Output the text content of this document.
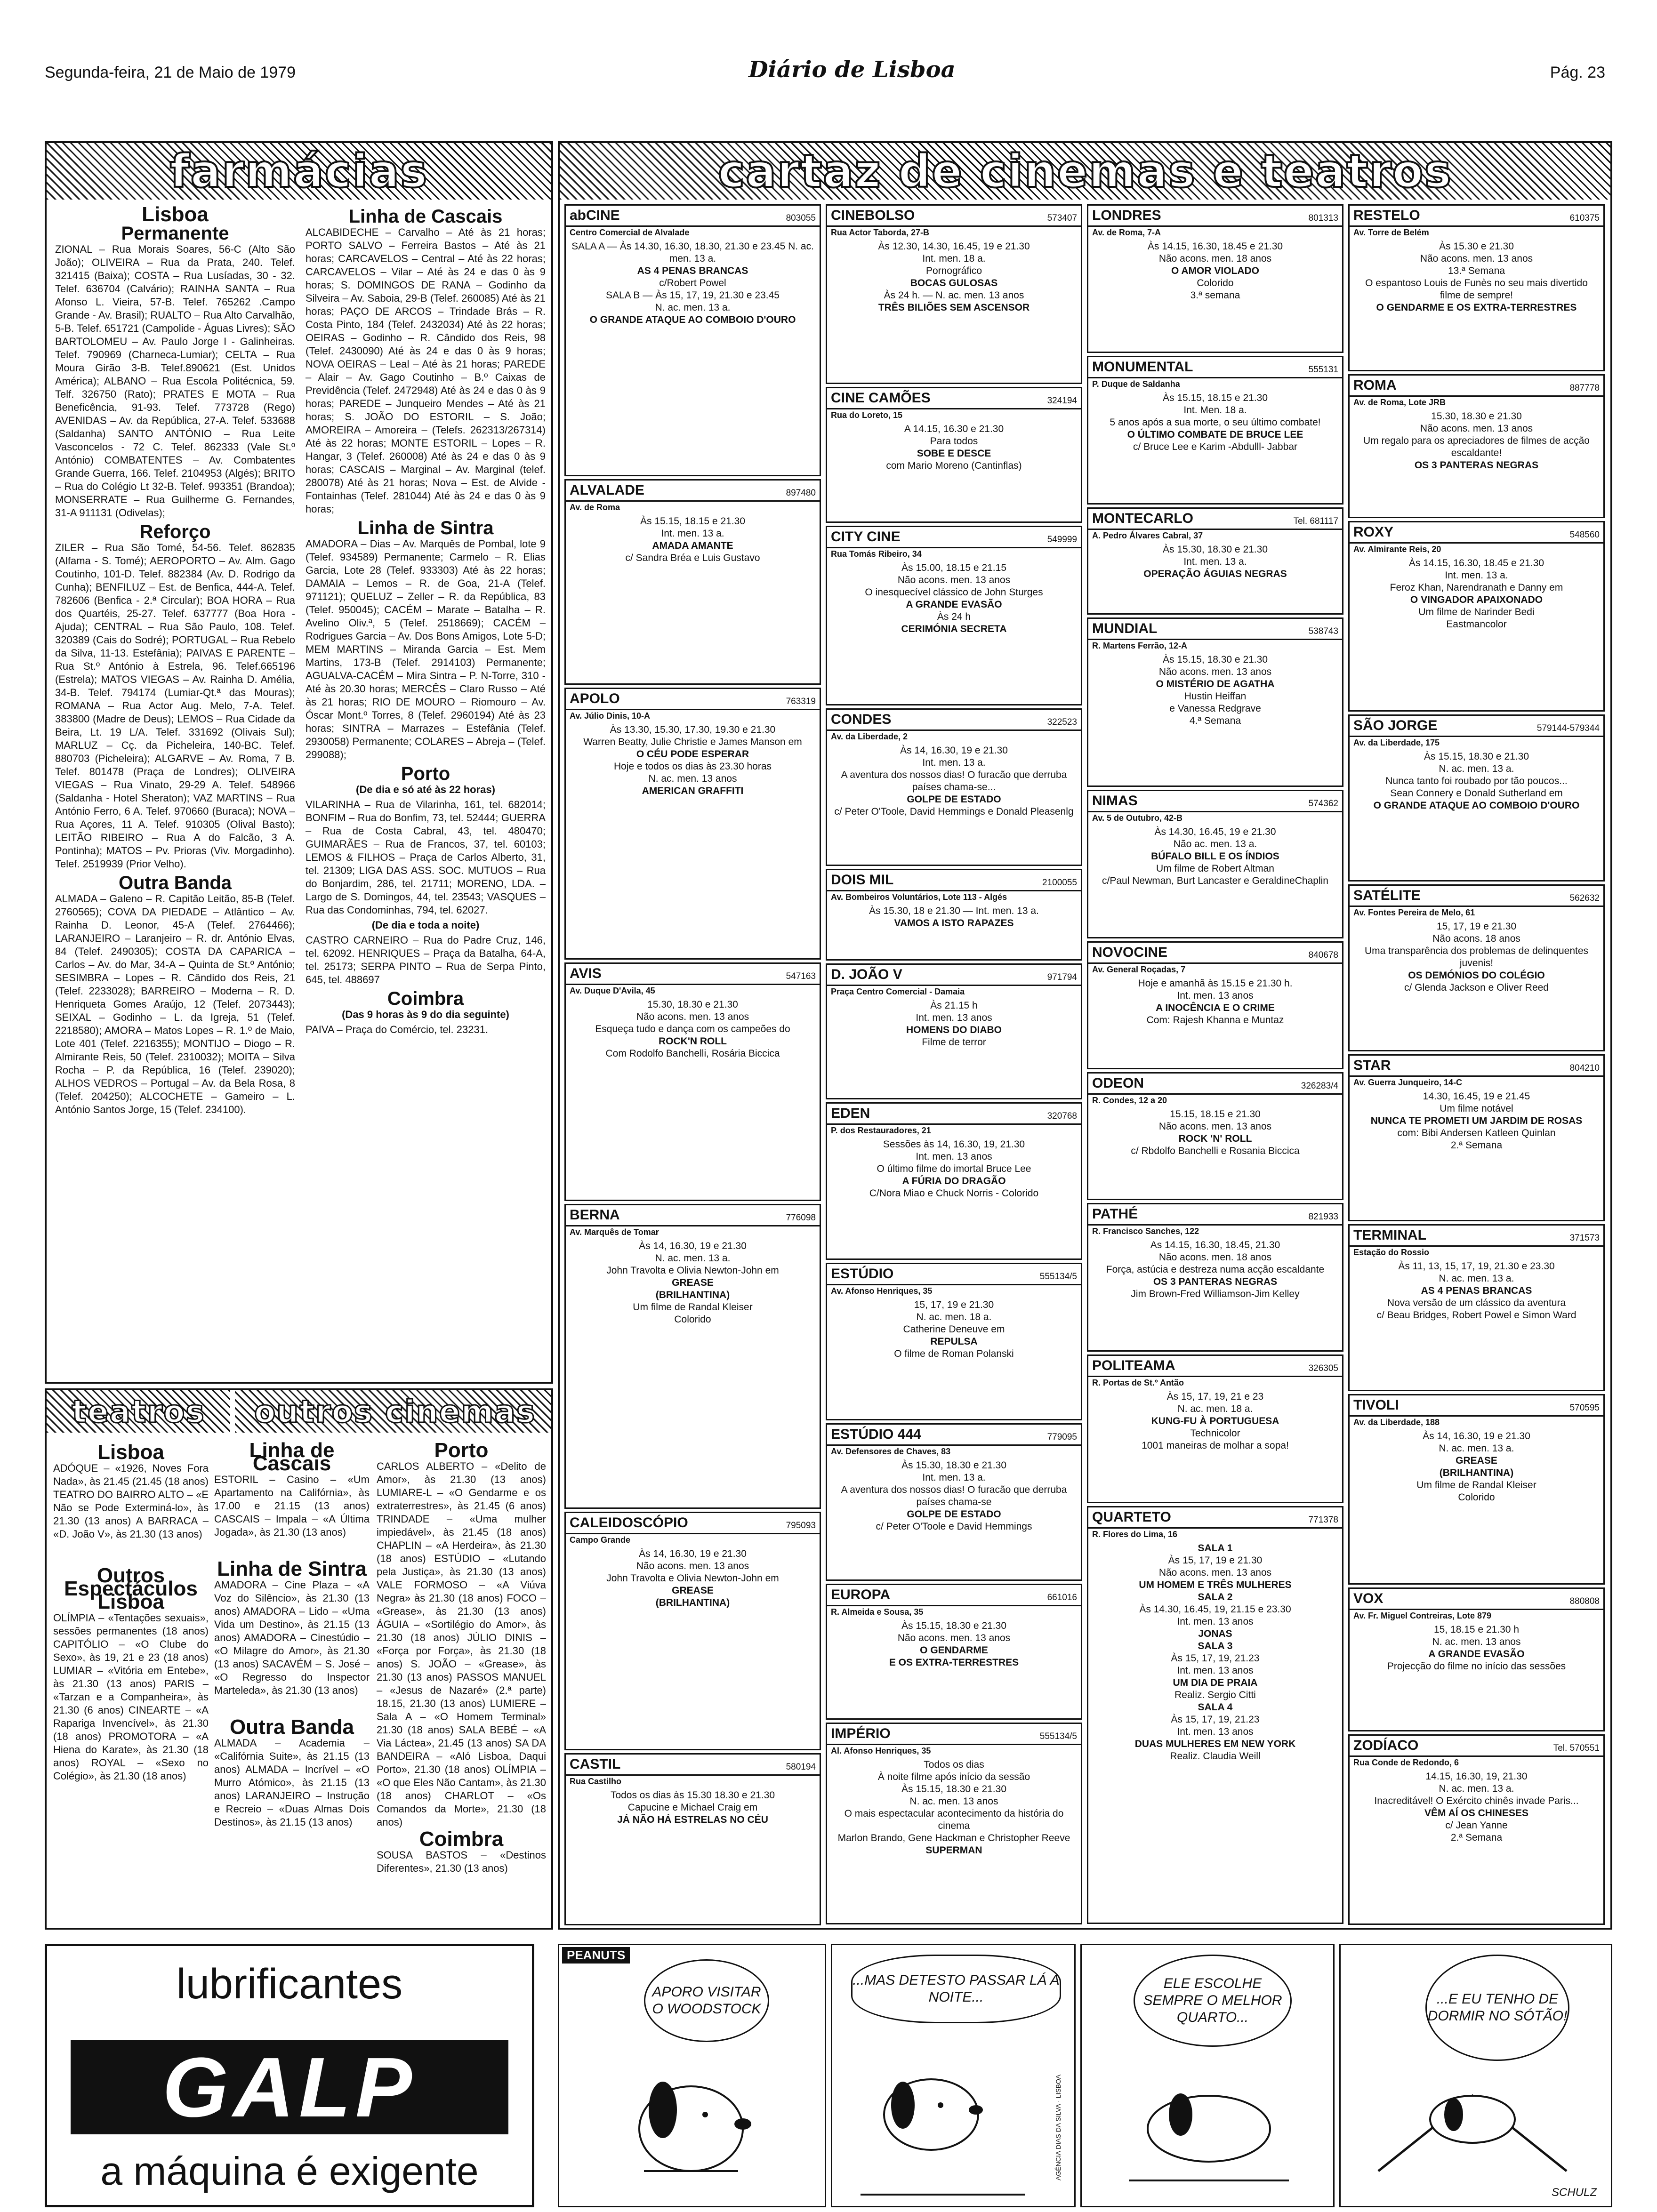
Segunda-feira, 21 de Maio de 1979	Diário de Lisboa	Pág. 23
farmácias
Lisboa
Permanente

ZIONAL – Rua Morais Soares, 56-C (Alto São João); OLIVEIRA – Rua da Prata, 240. Telef. 321415 (Baixa); COSTA – Rua Lusíadas, 30 - 32. Telef. 636704 (Calvário); RAINHA SANTA – Rua Afonso L. Vieira, 57-B. Telef. 765262 .Campo Grande - Av. Brasil); RUALTO – Rua Alto Carvalhão, 5-B. Telef. 651721 (Campolide - Águas Livres); SÃO BARTOLOMEU – Av. Paulo Jorge I - Galinheiras. Telef. 790969 (Charneca-Lumiar); CELTA – Rua Moura Girão 3-B. Telef.890621 (Est. Unidos América); ALBANO – Rua Escola Politécnica, 59. Telf. 326750 (Rato); PRATES E MOTA – Rua Beneficência, 91-93. Telef. 773728 (Rego) AVENIDAS – Av. da República, 27-A. Telef. 533688 (Saldanha) SANTO ANTÓNIO – Rua Leite Vasconcelos - 72 C. Telef. 862333 (Vale St.º António) COMBATENTES – Av. Combatentes Grande Guerra, 166. Telef. 2104953 (Algés); BRITO – Rua do Colégio Lt 32-B. Telef. 993351 (Brandoa); MONSERRATE – Rua Guilherme G. Fernandes, 31-A 911131 (Odivelas);

Reforço

ZILER – Rua São Tomé, 54-56. Telef. 862835 (Alfama - S. Tomé); AEROPORTO – Av. Alm. Gago Coutinho, 101-D. Telef. 882384 (Av. D. Rodrigo da Cunha); BENFILUZ – Est. de Benfica, 444-A. Telef. 782606 (Benfica - 2.ª Circular); BOA HORA – Rua dos Quartéis, 25-27. Telef. 637777 (Boa Hora - Ajuda); CENTRAL – Rua São Paulo, 108. Telef. 320389 (Cais do Sodré); PORTUGAL – Rua Rebelo da Silva, 11-13. Estefânia); PAIVAS E PARENTE – Rua St.º António à Estrela, 96. Telef.665196 (Estrela); MATOS VIEGAS – Av. Rainha D. Amélia, 34-B. Telef. 794174 (Lumiar-Qt.ª das Mouras); ROMANA – Rua Actor Aug. Melo, 7-A. Telef. 383800 (Madre de Deus); LEMOS – Rua Cidade da Beira, Lt. 19 L/A. Telef. 331692 (Olivais Sul); MARLUZ – Cç. da Picheleira, 140-BC. Telef. 880703 (Picheleira); ALGARVE – Av. Roma, 7 B. Telef. 801478 (Praça de Londres); OLIVEIRA VIEGAS – Rua Vinato, 29-29 A. Telef. 548966 (Saldanha - Hotel Sheraton); VAZ MARTINS – Rua António Ferro, 6 A. Telef. 970660 (Buraca); NOVA – Rua Açores, 11 A. Telef. 910305 (Olival Basto); LEITÃO RIBEIRO – Rua A do Falcão, 3 A. Pontinha); MATOS – Pv. Prioras (Viv. Morgadinho). Telef. 2519939 (Prior Velho).

Outra Banda

ALMADA – Galeno – R. Capitão Leitão, 85-B (Telef. 2760565); COVA DA PIEDADE – Atlântico – Av. Rainha D. Leonor, 45-A (Telef. 2764466); LARANJEIRO – Laranjeiro – R. dr. António Elvas, 84 (Telef. 2490305); COSTA DA CAPARICA – Carlos – Av. do Mar, 34-A – Quinta de St.º António; SESIMBRA – Lopes – R. Cândido dos Reis, 21 (Telef. 2233028); BARREIRO – Moderna – R. D. Henriqueta Gomes Araújo, 12 (Telef. 2073443); SEIXAL – Godinho – L. da Igreja, 51 (Telef. 2218580); AMORA – Matos Lopes – R. 1.º de Maio, Lote 401 (Telef. 2216355); MONTIJO – Diogo – R. Almirante Reis, 50 (Telef. 2310032); MOITA – Silva Rocha – P. da República, 16 (Telef. 239020); ALHOS VEDROS – Portugal – Av. da Bela Rosa, 8 (Telef. 204250); ALCOCHETE – Gameiro – L. António Santos Jorge, 15 (Telef. 234100).

Linha de Cascais

ALCABIDECHE – Carvalho – Até às 21 horas; PORTO SALVO – Ferreira Bastos – Até às 21 horas; CARCAVELOS – Central – Até às 22 horas; CARCAVELOS – Vilar – Até às 24 e das 0 às 9 horas; S. DOMINGOS DE RANA – Godinho da Silveira – Av. Saboia, 29-B (Telef. 260085) Até às 21 horas; PAÇO DE ARCOS – Trindade Brás – R. Costa Pinto, 184 (Telef. 2432034) Até às 22 horas; OEIRAS – Godinho – R. Cândido dos Reis, 98 (Telef. 2430090) Até às 24 e das 0 às 9 horas; NOVA OEIRAS – Leal – Até às 21 horas; PAREDE – Alair – Av. Gago Coutinho – B.º Caixas de Previdência (Telef. 2472948) Até às 24 e das 0 às 9 horas; PAREDE – Junqueiro Mendes – Até às 21 horas; S. JOÃO DO ESTORIL – S. João; AMOREIRA – Amoreira – (Telefs. 262313/267314) Até às 22 horas; MONTE ESTORIL – Lopes – R. Hangar, 3 (Telef. 260008) Até às 24 e das 0 às 9 horas; CASCAIS – Marginal – Av. Marginal (telef. 280078) Até às 21 horas; Nova – Est. de Alvide - Fontainhas (Telef. 281044) Até às 24 e das 0 às 9 horas;

Linha de Sintra

AMADORA – Dias – Av. Marquês de Pombal, lote 9 (Telef. 934589) Permanente; Carmelo – R. Elias Garcia, Lote 28 (Telef. 933303) Até às 22 horas; DAMAIA – Lemos – R. de Goa, 21-A (Telef. 971121); QUELUZ – Zeller – R. da República, 83 (Telef. 950045); CACÉM – Marate – Batalha – R. Avelino Oliv.ª, 5 (Telef. 2518669); CACÉM – Rodrigues Garcia – Av. Dos Bons Amigos, Lote 5-D; MEM MARTINS – Miranda Garcia – Est. Mem Martins, 173-B (Telef. 2914103) Permanente; AGUALVA-CACÉM – Mira Sintra – P. N-Torre, 310 - Até às 20.30 horas; MERCÊS – Claro Russo – Até às 21 horas; RIO DE MOURO – Riomouro – Av. Óscar Mont.º Torres, 8 (Telef. 2960194) Até às 23 horas; SINTRA – Marrazes – Estefânia (Telef. 2930058) Permanente; COLARES – Abreja – (Telef. 299088);

Porto
(De dia e só até às 22 horas)

VILARINHA – Rua de Vilarinha, 161, tel. 682014; BONFIM – Rua do Bonfim, 73, tel. 52444; GUERRA – Rua de Costa Cabral, 43, tel. 480470; GUIMARÃES – Rua de Francos, 37, tel. 60103; LEMOS & FILHOS – Praça de Carlos Alberto, 31, tel. 21309; LIGA DAS ASS. SOC. MUTUOS – Rua do Bonjardim, 286, tel. 21711; MORENO, LDA. – Largo de S. Domingos, 44, tel. 23543; VASQUES – Rua das Condominhas, 794, tel. 62027.

(De dia e toda a noite)

CASTRO CARNEIRO – Rua do Padre Cruz, 146, tel. 62092. HENRIQUES – Praça da Batalha, 64-A, tel. 25173; SERPA PINTO – Rua de Serpa Pinto, 645, tel. 488697

Coimbra
(Das 9 horas às 9 do dia seguinte)

PAIVA – Praça do Comércio, tel. 23231.

cartaz de cinemas e teatros
abCINE	803055
Centro Comercial de Alvalade
SALA A — Às 14.30, 16.30, 18.30, 21.30 e 23.45 N. ac. men. 13 a.
AS 4 PENAS BRANCAS
c/Robert Powel
SALA B — Às 15, 17, 19, 21.30 e 23.45
N. ac. men. 13 a.
O GRANDE ATAQUE AO COMBOIO D'OURO
ALVALADE	897480
Av. de Roma
Às 15.15, 18.15 e 21.30
Int. men. 13 a.
AMADA AMANTE
c/ Sandra Bréa e Luis Gustavo
APOLO	763319
Av. Júlio Dinis, 10-A
Às 13.30, 15.30, 17.30, 19.30 e 21.30
Warren Beatty, Julie Christie e James Manson em
O CÉU PODE ESPERAR
Hoje e todos os dias às 23.30 horas
N. ac. men. 13 anos
AMERICAN GRAFFITI
AVIS	547163
Av. Duque D'Avila, 45
15.30, 18.30 e 21.30
Não acons. men. 13 anos
Esqueça tudo e dança com os campeões do
ROCK'N ROLL
Com Rodolfo Banchelli, Rosária Biccica
BERNA	776098
Av. Marquês de Tomar
Às 14, 16.30, 19 e 21.30
N. ac. men. 13 a.
John Travolta e Olivia Newton-John em
GREASE
(BRILHANTINA)
Um filme de Randal Kleiser
Colorido
CALEIDOSCÓPIO	795093
Campo Grande
Às 14, 16.30, 19 e 21.30
Não acons. men. 13 anos
John Travolta e Olivia Newton-John em
GREASE
(BRILHANTINA)
CASTIL	580194
Rua Castilho
Todos os dias às 15.30 18.30 e 21.30
Capucine e Michael Craig em
JÁ NÃO HÁ ESTRELAS NO CÉU
CINEBOLSO	573407
Rua Actor Taborda, 27-B
Às 12.30, 14.30, 16.45, 19 e 21.30
Int. men. 18 a.
Pornográfico
BOCAS GULOSAS
Às 24 h. — N. ac. men. 13 anos
TRÊS BILIÕES SEM ASCENSOR
CINE CAMÕES	324194
Rua do Loreto, 15
A 14.15, 16.30 e 21.30
Para todos
SOBE E DESCE
com Mario Moreno (Cantinflas)
CITY CINE	549999
Rua Tomás Ribeiro, 34
Às 15.00, 18.15 e 21.15
Não acons. men. 13 anos
O inesquecível clássico de John Sturges
A GRANDE EVASÃO
Às 24 h
CERIMÓNIA SECRETA
CONDES	322523
Av. da Liberdade, 2
Às 14, 16.30, 19 e 21.30
Int. men. 13 a.
A aventura dos nossos dias! O furacão que derruba países chama-se...
GOLPE DE ESTADO
c/ Peter O'Toole, David Hemmings e Donald Pleasenlg
DOIS MIL	2100055
Av. Bombeiros Voluntários, Lote 113 - Algés
Às 15.30, 18 e 21.30 — Int. men. 13 a.
VAMOS A ISTO RAPAZES
D. JOÃO V	971794
Praça Centro Comercial - Damaia
Às 21.15 h
Int. men. 13 anos
HOMENS DO DIABO
Filme de terror
EDEN	320768
P. dos Restauradores, 21
Sessões às 14, 16.30, 19, 21.30
Int. men. 13 anos
O último filme do imortal Bruce Lee
A FÚRIA DO DRAGÃO
C/Nora Miao e Chuck Norris - Colorido
ESTÚDIO	555134/5
Av. Afonso Henriques, 35
15, 17, 19 e 21.30
N. ac. men. 18 a.
Catherine Deneuve em
REPULSA
O filme de Roman Polanski
ESTÚDIO 444	779095
Av. Defensores de Chaves, 83
Às 15.30, 18.30 e 21.30
Int. men. 13 a.
A aventura dos nossos dias! O furacão que derruba países chama-se
GOLPE DE ESTADO
c/ Peter O'Toole e David Hemmings
EUROPA	661016
R. Almeida e Sousa, 35
Às 15.15, 18.30 e 21.30
Não acons. men. 13 anos
O GENDARME
E OS EXTRA-TERRESTRES
IMPÉRIO	555134/5
Al. Afonso Henriques, 35
Todos os dias
À noite filme após início da sessão
Às 15.15, 18.30 e 21.30
N. ac. men. 13 anos
O mais espectacular acontecimento da história do cinema
Marlon Brando, Gene Hackman e Christopher Reeve
SUPERMAN
LONDRES	801313
Av. de Roma, 7-A
Às 14.15, 16.30, 18.45 e 21.30
Não acons. men. 18 anos
O AMOR VIOLADO
Colorido
3.ª semana
MONUMENTAL	555131
P. Duque de Saldanha
Às 15.15, 18.15 e 21.30
Int. Men. 18 a.
5 anos após a sua morte, o seu último combate!
O ÚLTIMO COMBATE DE BRUCE LEE
c/ Bruce Lee e Karim -Abdulll- Jabbar
MONTECARLO	Tel. 681117
A. Pedro Álvares Cabral, 37
Às 15.30, 18.30 e 21.30
Int. men. 13 a.
OPERAÇÃO ÁGUIAS NEGRAS
MUNDIAL	538743
R. Martens Ferrão, 12-A
Às 15.15, 18.30 e 21.30
Não acons. men. 13 anos
O MISTÉRIO DE AGATHA
Hustin Heiffan
e Vanessa Redgrave
4.ª Semana
NIMAS	574362
Av. 5 de Outubro, 42-B
Às 14.30, 16.45, 19 e 21.30
Não ac. men. 13 a.
BÚFALO BILL E OS ÍNDIOS
Um filme de Robert Altman
c/Paul Newman, Burt Lancaster e GeraldineChaplin
NOVOCINE	840678
Av. General Roçadas, 7
Hoje e amanhã às 15.15 e 21.30 h.
Int. men. 13 anos
A INOCÊNCIA E O CRIME
Com: Rajesh Khanna e Muntaz
ODEON	326283/4
R. Condes, 12 a 20
15.15, 18.15 e 21.30
Não acons. men. 13 anos
ROCK 'N' ROLL
c/ Rbdolfo Banchelli e Rosania Biccica
PATHÉ	821933
R. Francisco Sanches, 122
As 14.15, 16.30, 18.45, 21.30
Não acons. men. 18 anos
Força, astúcia e destreza numa acção escaldante
OS 3 PANTERAS NEGRAS
Jim Brown-Fred Williamson-Jim Kelley
POLITEAMA	326305
R. Portas de St.º Antão
Às 15, 17, 19, 21 e 23
N. ac. men. 18 a.
KUNG-FU À PORTUGUESA
Technicolor
1001 maneiras de molhar a sopa!
QUARTETO	771378
R. Flores do Lima, 16
SALA 1
Às 15, 17, 19 e 21.30
Não acons. men. 13 anos
UM HOMEM E TRÊS MULHERES
SALA 2
Às 14.30, 16.45, 19, 21.15 e 23.30
Int. men. 13 anos
JONAS
SALA 3
Às 15, 17, 19, 21.23
Int. men. 13 anos
UM DIA DE PRAIA
Realiz. Sergio Citti
SALA 4
Às 15, 17, 19, 21.23
Int. men. 13 anos
DUAS MULHERES EM NEW YORK
Realiz. Claudia Weill
RESTELO	610375
Av. Torre de Belém
Às 15.30 e 21.30
Não acons. men. 13 anos
13.ª Semana
O espantoso Louis de Funès no seu mais divertido filme de sempre!
O GENDARME E OS EXTRA-TERRESTRES
ROMA	887778
Av. de Roma, Lote JRB
15.30, 18.30 e 21.30
Não acons. men. 13 anos
Um regalo para os apreciadores de filmes de acção escaldante!
OS 3 PANTERAS NEGRAS
ROXY	548560
Av. Almirante Reis, 20
Às 14.15, 16.30, 18.45 e 21.30
Int. men. 13 a.
Feroz Khan, Narendranath e Danny em
O VINGADOR APAIXONADO
Um filme de Narinder Bedi
Eastmancolor
SÃO JORGE	579144-579344
Av. da Liberdade, 175
Às 15.15, 18.30 e 21.30
N. ac. men. 13 a.
Nunca tanto foi roubado por tão poucos...
Sean Connery e Donald Sutherland em
O GRANDE ATAQUE AO COMBOIO D'OURO
SATÉLITE	562632
Av. Fontes Pereira de Melo, 61
15, 17, 19 e 21.30
Não acons. 18 anos
Uma transparência dos problemas de delinquentes juvenis!
OS DEMÓNIOS DO COLÉGIO
c/ Glenda Jackson e Oliver Reed
STAR	804210
Av. Guerra Junqueiro, 14-C
14.30, 16.45, 19 e 21.45
Um filme notável
NUNCA TE PROMETI UM JARDIM DE ROSAS
com: Bibi Andersen Katleen Quinlan
2.ª Semana
TERMINAL	371573
Estação do Rossio
Às 11, 13, 15, 17, 19, 21.30 e 23.30
N. ac. men. 13 a.
AS 4 PENAS BRANCAS
Nova versão de um clássico da aventura
c/ Beau Bridges, Robert Powel e Simon Ward
TIVOLI	570595
Av. da Liberdade, 188
Às 14, 16.30, 19 e 21.30
N. ac. men. 13 a.
GREASE
(BRILHANTINA)
Um filme de Randal Kleiser
Colorido
VOX	880808
Av. Fr. Miguel Contreiras, Lote 879
15, 18.15 e 21.30 h
N. ac. men. 13 anos
A GRANDE EVASÃO
Projecção do filme no início das sessões
ZODÍACO	Tel. 570551
Rua Conde de Redondo, 6
14.15, 16.30, 19, 21.30
N. ac. men. 13 a.
Inacreditável! O Exército chinês invade Paris...
VÊM AÍ OS CHINESES
c/ Jean Yanne
2.ª Semana
teatros outros cinemas
Lisboa

ADÓQUE – «1926, Noves Fora Nada», às 21.45 (21.45 (18 anos) TEATRO DO BAIRRO ALTO – «E Não se Pode Exterminá-lo», às 21.30 (13 anos) A BARRACA – «D. João V», às 21.30 (13 anos)

Outros Espectáculos Lisboa

OLÍMPIA – «Tentações sexuais», sessões permanentes (18 anos) CAPITÓLIO – «O Clube do Sexo», às 19, 21 e 23 (18 anos) LUMIAR – «Vitória em Entebe», às 21.30 (13 anos) PARIS – «Tarzan e a Companheira», às 21.30 (6 anos) CINEARTE – «A Rapariga Invencível», às 21.30 (18 anos) PROMOTORA – «A Hiena do Karate», às 21.30 (18 anos) ROYAL – «Sexo no Colégio», às 21.30 (18 anos)

Linha de Cascais

ESTORIL – Casino – «Um Apartamento na Califórnia», às 17.00 e 21.15 (13 anos) CASCAIS – Impala – «A Última Jogada», às 21.30 (13 anos)

Linha de Sintra

AMADORA – Cine Plaza – «A Voz do Silêncio», às 21.30 (13 anos) AMADORA – Lido – «Uma Vida um Destino», às 21.15 (13 anos) AMADORA – Cinestúdio – «O Milagre do Amor», às 21.30 (13 anos) SACAVÉM – S. José – «O Regresso do Inspector Marteleda», às 21.30 (13 anos)

Outra Banda

ALMADA – Academia – «Califórnia Suite», às 21.15 (13 anos) ALMADA – Incrível – «O Murro Atómico», às 21.15 (13 anos) LARANJEIRO – Instrução e Recreio – «Duas Almas Dois Destinos», às 21.15 (13 anos)

Porto

CARLOS ALBERTO – «Delito de Amor», às 21.30 (13 anos) LUMIARE-L – «O Gendarme e os extraterrestres», às 21.45 (6 anos) TRINDADE – «Uma mulher impiedável», às 21.45 (18 anos) CHAPLIN – «A Herdeira», às 21.30 (18 anos) ESTÚDIO – «Lutando pela Justiça», às 21.30 (13 anos) VALE FORMOSO – «A Viúva Negra» às 21.30 (18 anos) FOCO – «Grease», às 21.30 (13 anos) ÁGUIA – «Sortilégio do Amor», às 21.30 (18 anos) JÚLIO DINIS – «Força por Força», às 21.30 (18 anos) S. JOÃO – «Grease», às 21.30 (13 anos) PASSOS MANUEL – «Jesus de Nazaré» (2.ª parte) 18.15, 21.30 (13 anos) LUMIERE – Sala A – «O Homem Terminal» 21.30 (18 anos) SALA BEBÉ – «A Via Láctea», 21.45 (13 anos) SA DA BANDEIRA – «Aló Lisboa, Daqui Porto», 21.30 (18 anos) OLÍMPIA – «O que Eles Não Cantam», às 21.30 (18 anos) CHARLOT – «Os Comandos da Morte», 21.30 (18 anos)

Coimbra

SOUSA BASTOS – «Destinos Diferentes», 21.30 (13 anos)

lubrificantes
GALP
a máquina é exigente
PEANUTS
APORO VISITAR O WOODSTOCK
...MAS DETESTO PASSAR LÁ A NOITE...
AGÊNCIA DIAS DA SILVA · LISBOA
ELE ESCOLHE SEMPRE O MELHOR QUARTO...
...E EU TENHO DE DORMIR NO SÓTÃO!
SCHULZ
